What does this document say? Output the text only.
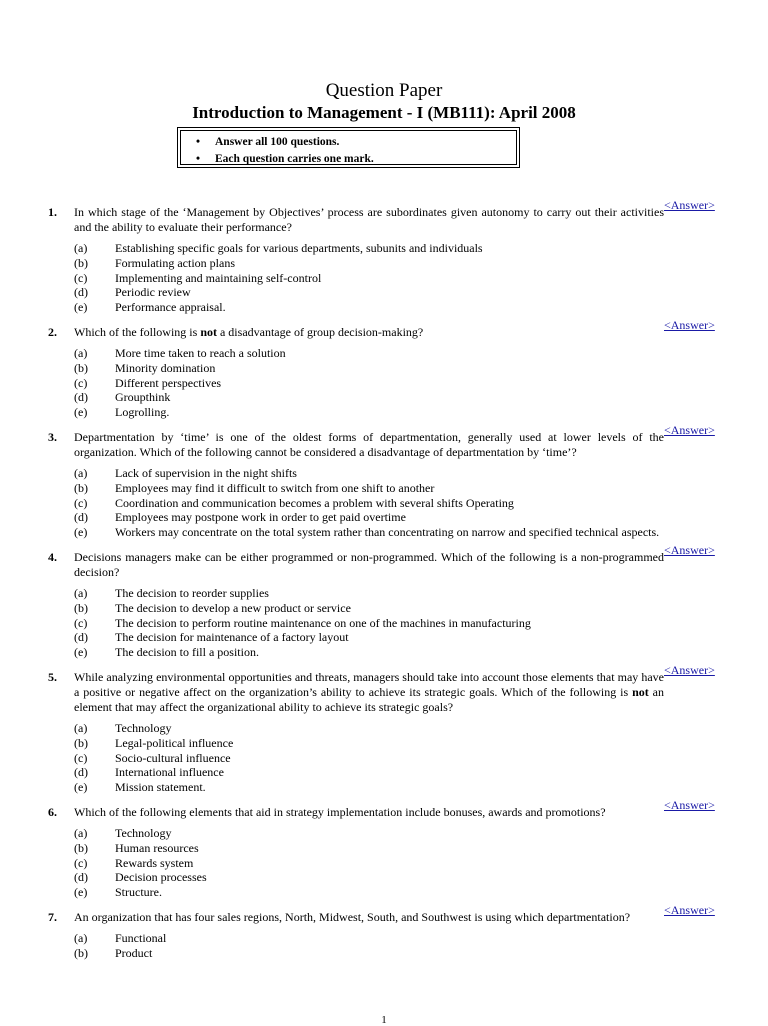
Question Paper
Introduction to Management - I (MB111): April 2008
•	Answer all 100 questions.
•	Each question carries one mark.
1.	<Answer>
In which stage of the ‘Management by Objectives’ process are subordinates given autonomy to carry out their activities and the ability to evaluate their performance?
(a)	Establishing specific goals for various departments, subunits and individuals
(b)	Formulating action plans
(c)	Implementing and maintaining self-control
(d)	Periodic review
(e)	Performance appraisal.
2.	<Answer>
Which of the following is not a disadvantage of group decision-making?
(a)	More time taken to reach a solution
(b)	Minority domination
(c)	Different perspectives
(d)	Groupthink
(e)	Logrolling.
3.	<Answer>
Departmentation by ‘time’ is one of the oldest forms of departmentation, generally used at lower levels of the organization. Which of the following cannot be considered a disadvantage of departmentation by ‘time’?
(a)	Lack of supervision in the night shifts
(b)	Employees may find it difficult to switch from one shift to another
(c)	Coordination and communication becomes a problem with several shifts Operating
(d)	Employees may postpone work in order to get paid overtime
(e)	Workers may concentrate on the total system rather than concentrating on narrow and specified technical aspects.
4.	<Answer>
Decisions managers make can be either programmed or non-programmed. Which of the following is a non-programmed decision?
(a)	The decision to reorder supplies
(b)	The decision to develop a new product or service
(c)	The decision to perform routine maintenance on one of the machines in manufacturing
(d)	The decision for maintenance of a factory layout
(e)	The decision to fill a position.
5.	<Answer>
While analyzing environmental opportunities and threats, managers should take into account those elements that may have a positive or negative affect on the organization’s ability to achieve its strategic goals. Which of the following is not an element that may affect the organizational ability to achieve its strategic goals?
(a)	Technology
(b)	Legal-political influence
(c)	Socio-cultural influence
(d)	International influence
(e)	Mission statement.
6.	<Answer>
Which of the following elements that aid in strategy implementation include bonuses, awards and promotions?
(a)	Technology
(b)	Human resources
(c)	Rewards system
(d)	Decision processes
(e)	Structure.
7.	<Answer>
An organization that has four sales regions, North, Midwest, South, and Southwest is using which departmentation?
(a)	Functional
(b)	Product
1
